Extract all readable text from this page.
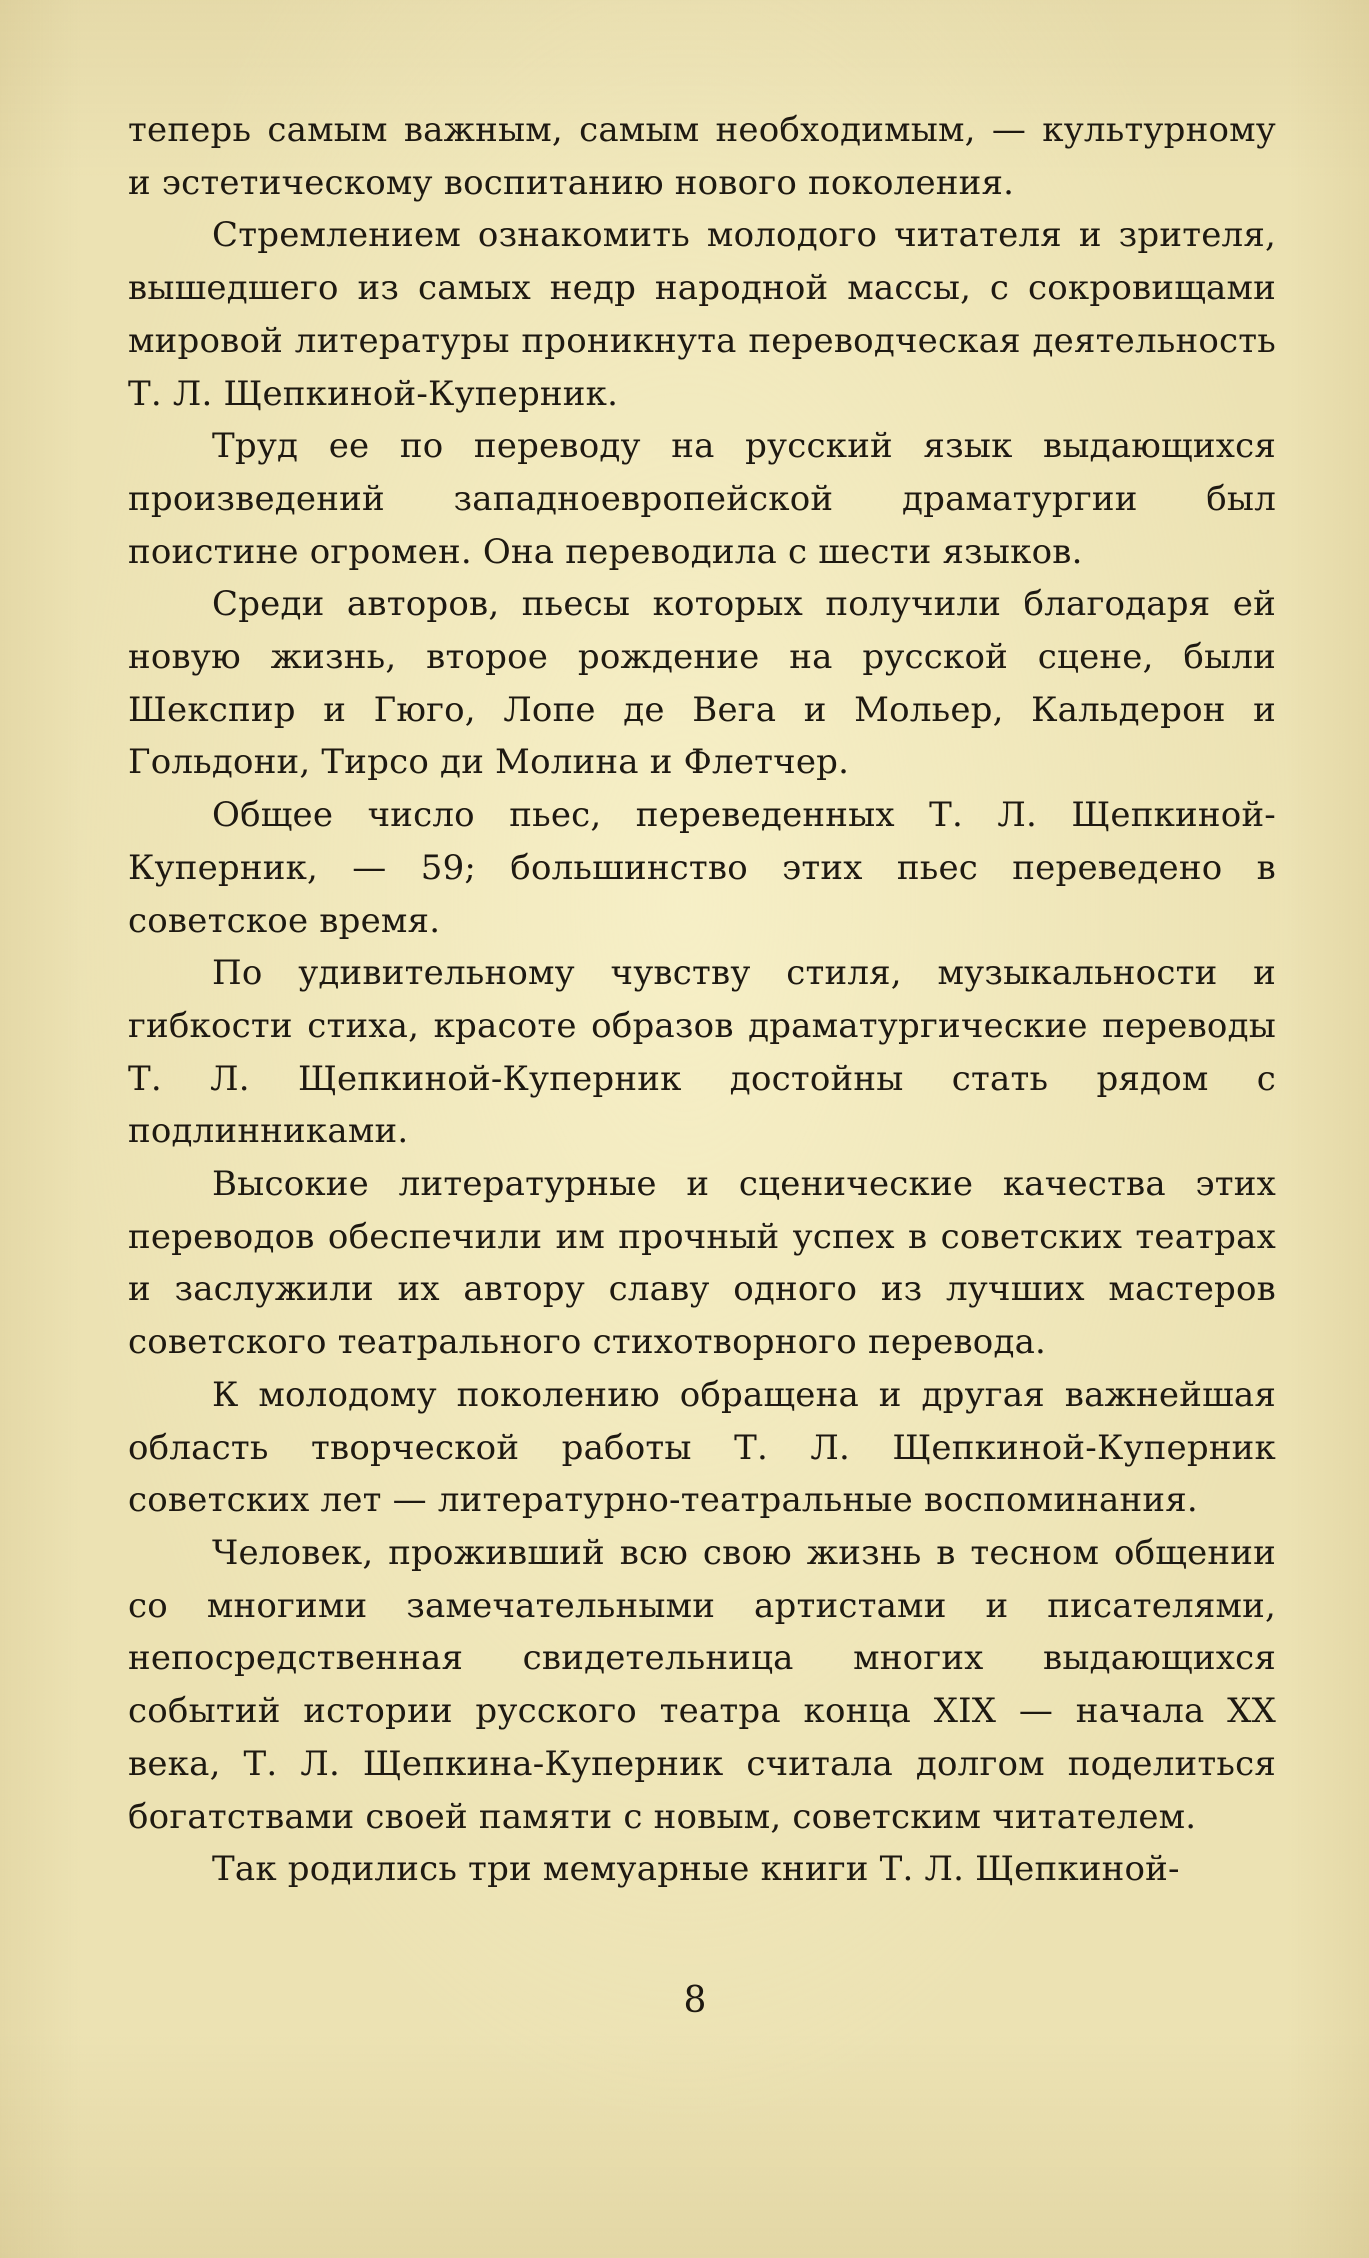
теперь самым важным, самым необходимым, — культурному и эстетическому воспитанию нового поколения.

Стремлением ознакомить молодого читателя и зрителя, вышедшего из самых недр народной массы, с сокровищами мировой литературы проникнута переводческая деятельность Т. Л. Щепкиной-Куперник.

Труд ее по переводу на русский язык выдающихся произведений западноевропейской драматургии был поистине огромен. Она переводила с шести языков.

Среди авторов, пьесы которых получили благодаря ей новую жизнь, второе рождение на русской сцене, были Шекспир и Гюго, Лопе де Вега и Мольер, Кальдерон и Гольдони, Тирсо ди Молина и Флетчер.

Общее число пьес, переведенных Т. Л. Щепкиной-Куперник, — 59; большинство этих пьес переведено в советское время.

По удивительному чувству стиля, музыкальности и гибкости стиха, красоте образов драматургические переводы Т. Л. Щепкиной-Куперник достойны стать рядом с подлинниками.

Высокие литературные и сценические качества этих переводов обеспечили им прочный успех в советских театрах и заслужили их автору славу одного из лучших мастеров советского театрального стихотворного перевода.

К молодому поколению обращена и другая важнейшая область творческой работы Т. Л. Щепкиной-Куперник советских лет — литературно-театральные воспоминания.

Человек, проживший всю свою жизнь в тесном общении со многими замечательными артистами и писателями, непосредственная свидетельница многих выдающихся событий истории русского театра конца XIX — начала XX века, Т. Л. Щепкина-Куперник считала долгом поделиться богатствами своей памяти с новым, советским читателем.

Так родились три мемуарные книги Т. Л. Щепкиной-

8
